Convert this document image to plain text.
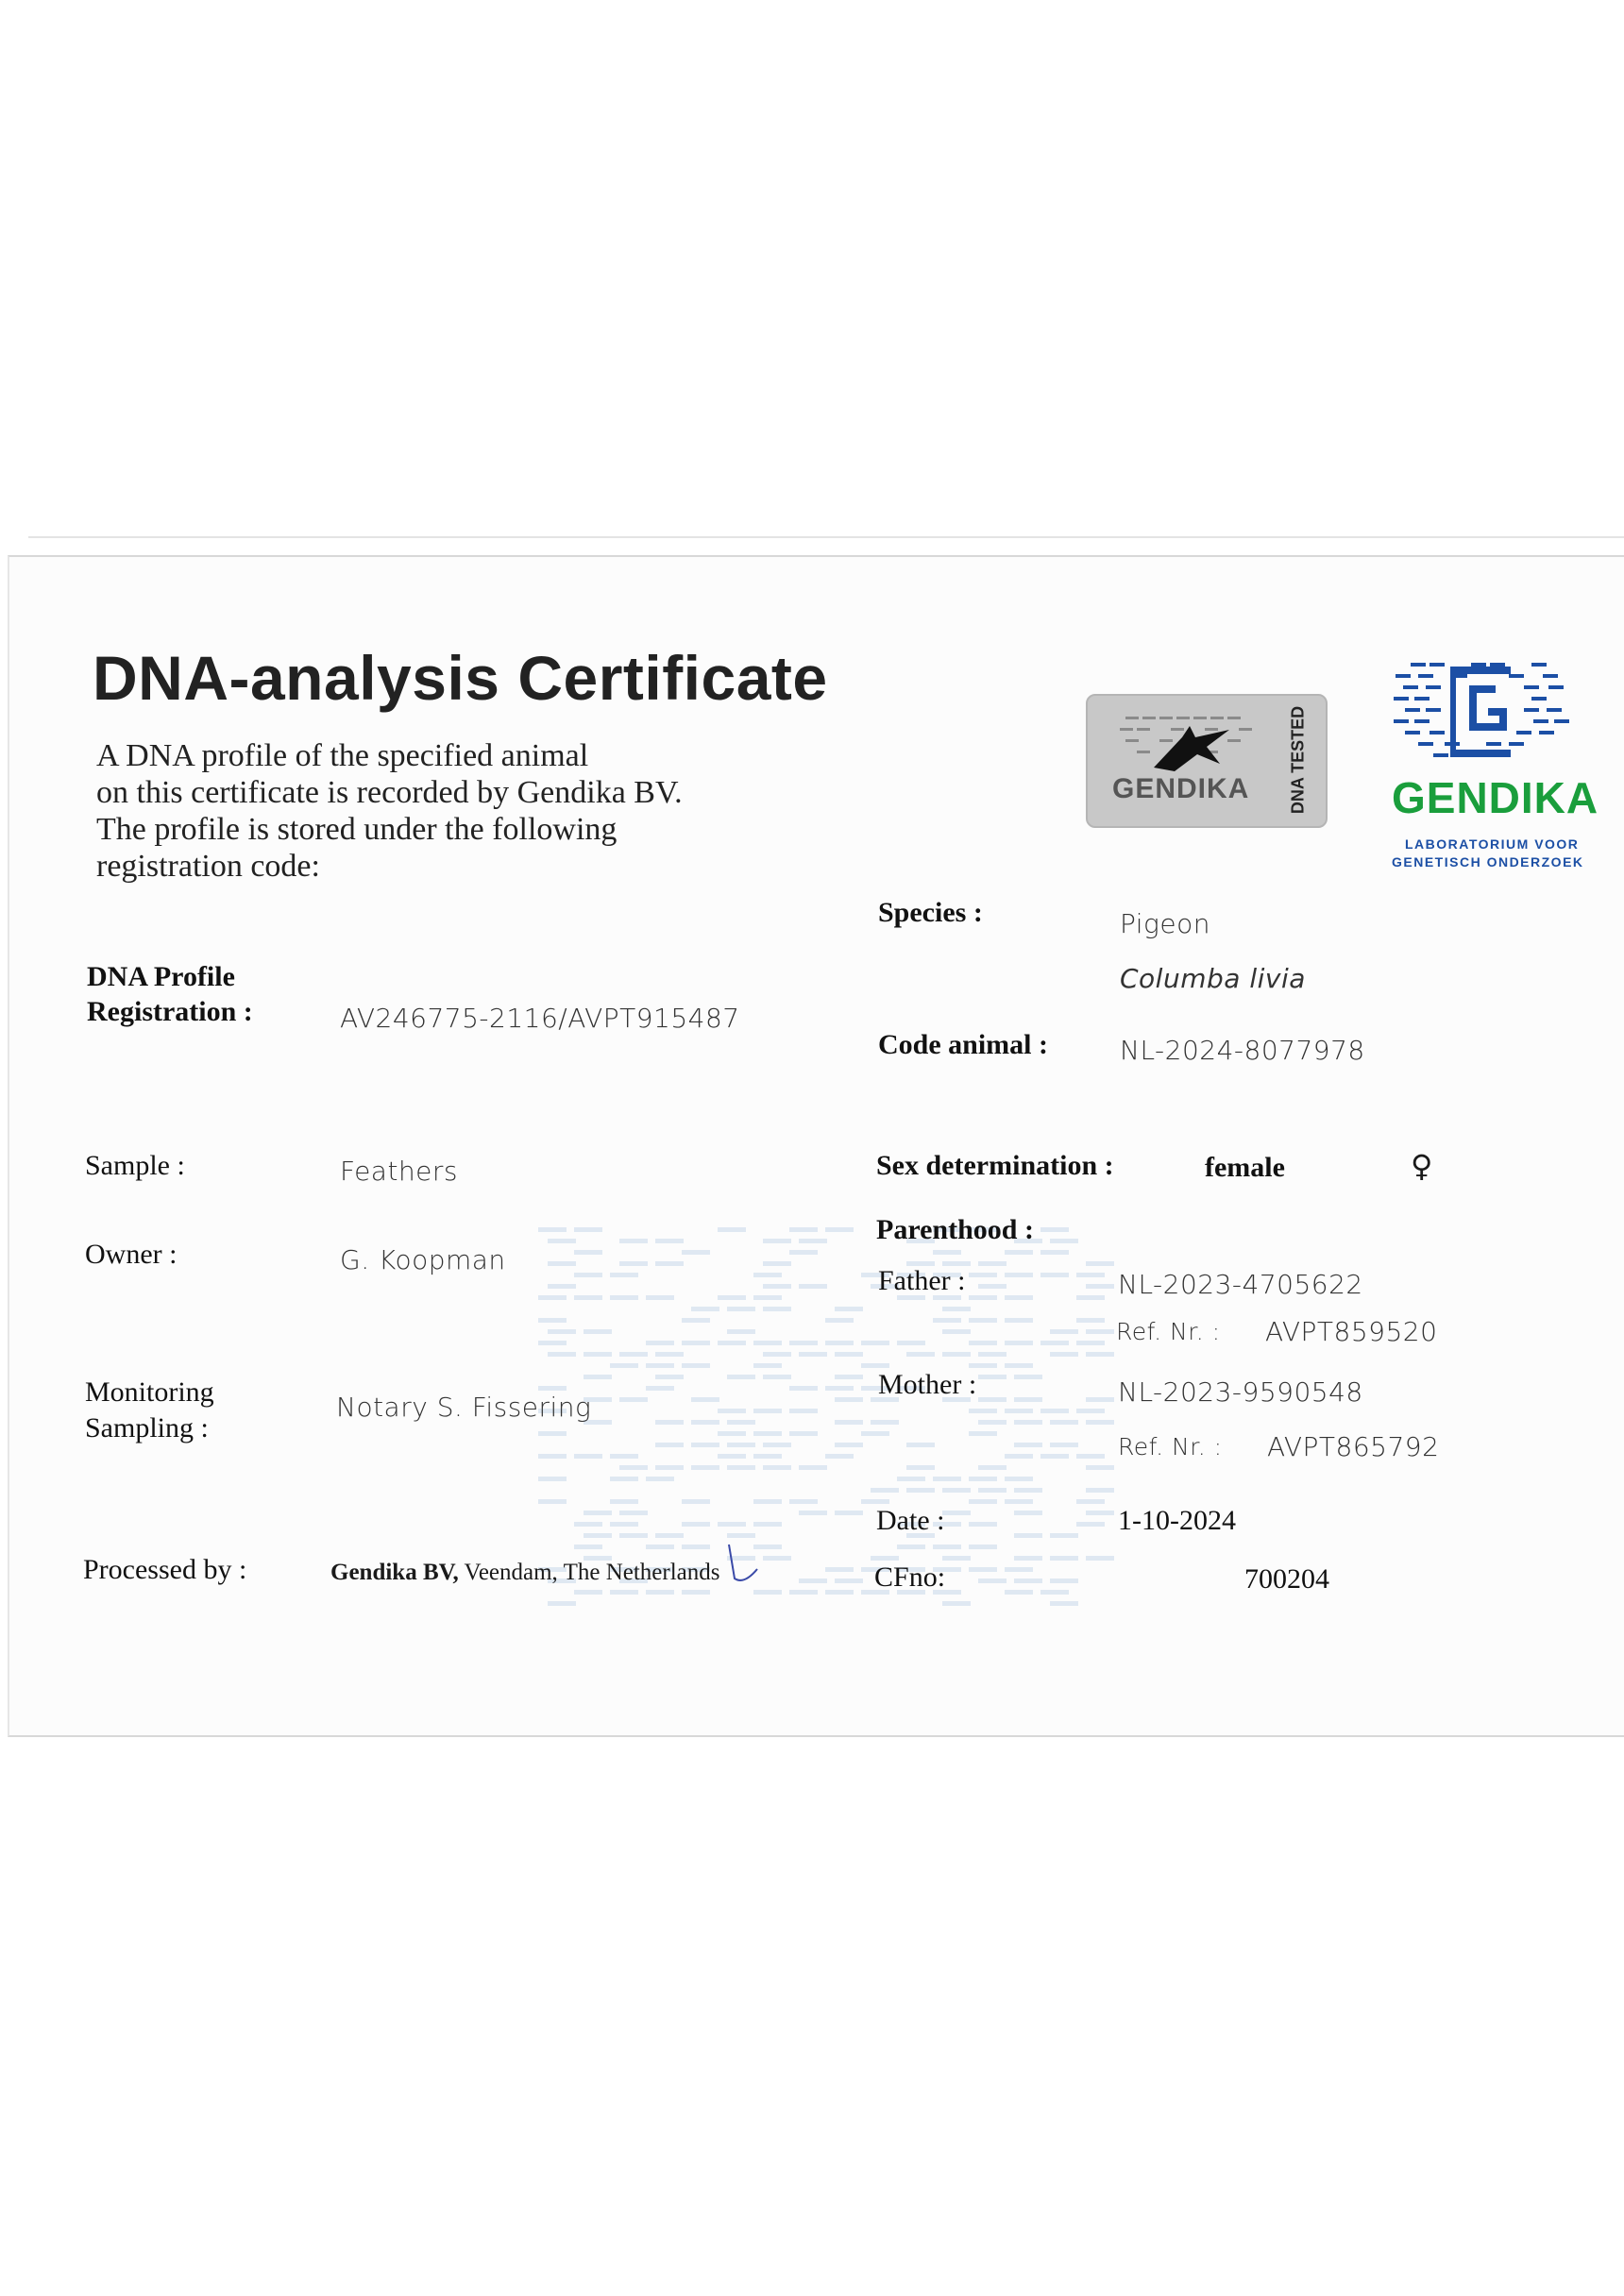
DNA-analysis Certificate
A DNA profile of the specified animal
on this certificate is recorded by Gendika BV.
The profile is stored under the following
registration code:
GENDIKA DNA TESTED GENDIKA
LABORATORIUM VOOR
GENETISCH ONDERZOEK
DNA Profile
Registration :	AV246775-2116/AVPT915487
Sample :	Feathers
Owner :	G. Koopman
Monitoring
Sampling :
Notary S. Fissering
Processed by :	Gendika BV, Veendam, The Netherlands
Species :	Pigeon
Columba livia
Code animal :	NL-2024-8077978
Sex determination :	female	♀
Parenthood :
Father :	NL-2023-4705622
Ref. Nr. : AVPT859520
Mother :	NL-2023-9590548
Ref. Nr. : AVPT865792
Date :	1-10-2024
CFno:	700204
